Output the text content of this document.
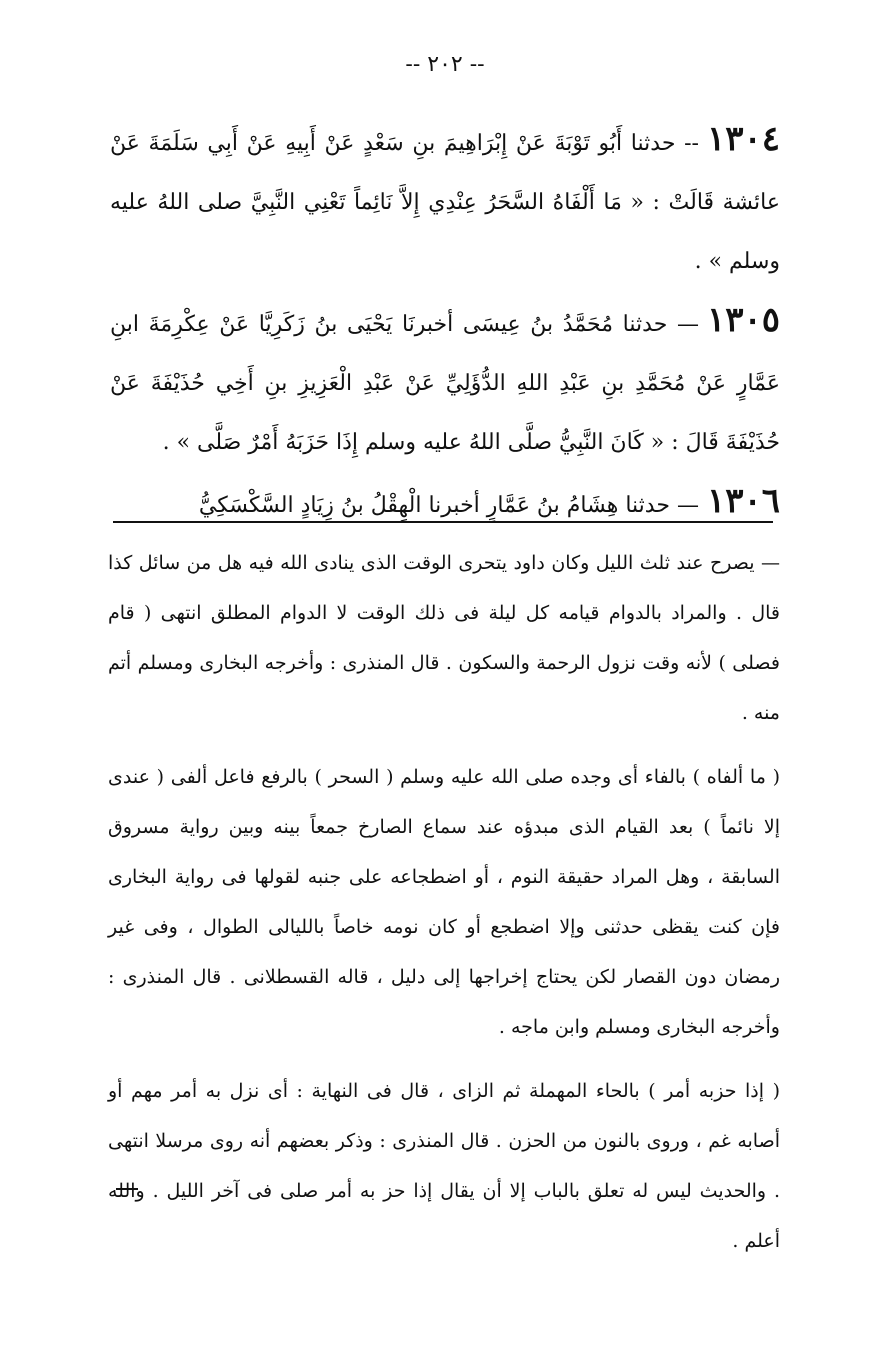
-- ٢٠٢ --

١٣٠٤-- حدثنا أَبُو تَوْبَةَ عَنْ إِبْرَاهِيمَ بنِ سَعْدٍ عَنْ أَبِيهِ عَنْ أَبِي سَلَمَةَ عَنْ عائشة قَالَتْ : « مَا أَلْفَاهُ السَّحَرُ عِنْدِي إِلاَّ نَائِماً تَعْنِي النَّبِيَّ صلى اللهُ عليه وسلم » .

١٣٠٥— حدثنا مُحَمَّدُ بنُ عِيسَى أخبرنَا يَحْيَى بنُ زَكَرِيَّا عَنْ عِكْرِمَةَ ابنِ عَمَّارٍ عَنْ مُحَمَّدِ بنِ عَبْدِ اللهِ الدُّؤَلِيِّ عَنْ عَبْدِ الْعَزِيزِ بنِ أَخِي حُذَيْفَةَ عَنْ حُذَيْفَةَ قَالَ : « كَانَ النَّبِيُّ صلَّى اللهُ عليه وسلم إِذَا حَزَبَهُ أَمْرٌ صَلَّى » .

١٣٠٦— حدثنا هِشَامُ بنُ عَمَّارٍ أخبرنا الْهِقْلُ بنُ زِيَادٍ السَّكْسَكِيُّ

— يصرح عند ثلث الليل وكان داود يتحرى الوقت الذى ينادى الله فيه هل من سائل كذا قال . والمراد بالدوام قيامه كل ليلة فى ذلك الوقت لا الدوام المطلق انتهى ( قام فصلى ) لأنه وقت نزول الرحمة والسكون . قال المنذرى : وأخرجه البخارى ومسلم أتم منه .

( ما ألفاه ) بالفاء أى وجده صلى الله عليه وسلم ( السحر ) بالرفع فاعل ألفى ( عندى إلا نائماً ) بعد القيام الذى مبدؤه عند سماع الصارخ جمعاً بينه وبين رواية مسروق السابقة ، وهل المراد حقيقة النوم ، أو اضطجاعه على جنبه لقولها فى رواية البخارى فإن كنت يقظى حدثنى وإلا اضطجع أو كان نومه خاصاً بالليالى الطوال ، وفى غير رمضان دون القصار لكن يحتاج إخراجها إلى دليل ، قاله القسطلانى . قال المنذرى : وأخرجه البخارى ومسلم وابن ماجه .

( إذا حزبه أمر ) بالحاء المهملة ثم الزاى ، قال فى النهاية : أى نزل به أمر مهم أو أصابه غم ، وروى بالنون من الحزن . قال المنذرى : وذكر بعضهم أنه روى مرسلا انتهى . والحديث ليس له تعلق بالباب إلا أن يقال إذا حز به أمر صلى فى آخر الليل . والله أعلم .
